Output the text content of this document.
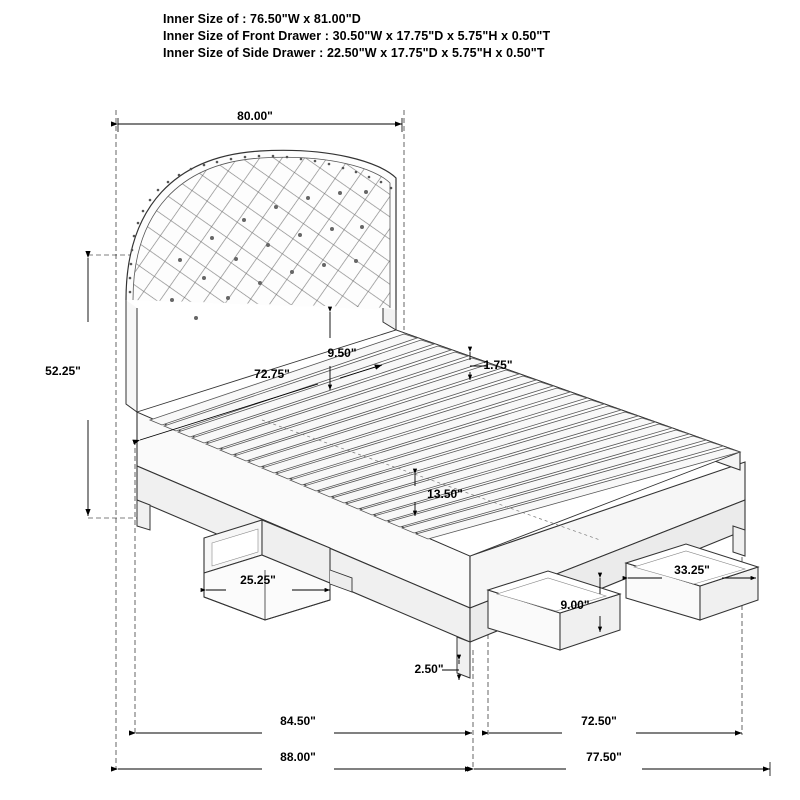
Inner Size of : 76.50"W x 81.00"D
Inner Size of Front Drawer : 30.50"W x 17.75"D x 5.75"H x 0.50"T
Inner Size of Side Drawer : 22.50"W x 17.75"D x 5.75"H x 0.50"T
80.00"
52.25"	72.75"
9.50"
1.75"
13.50"
25.25"
33.25"
9.00"
2.50"
84.50"	72.50"
88.00"	77.50"
